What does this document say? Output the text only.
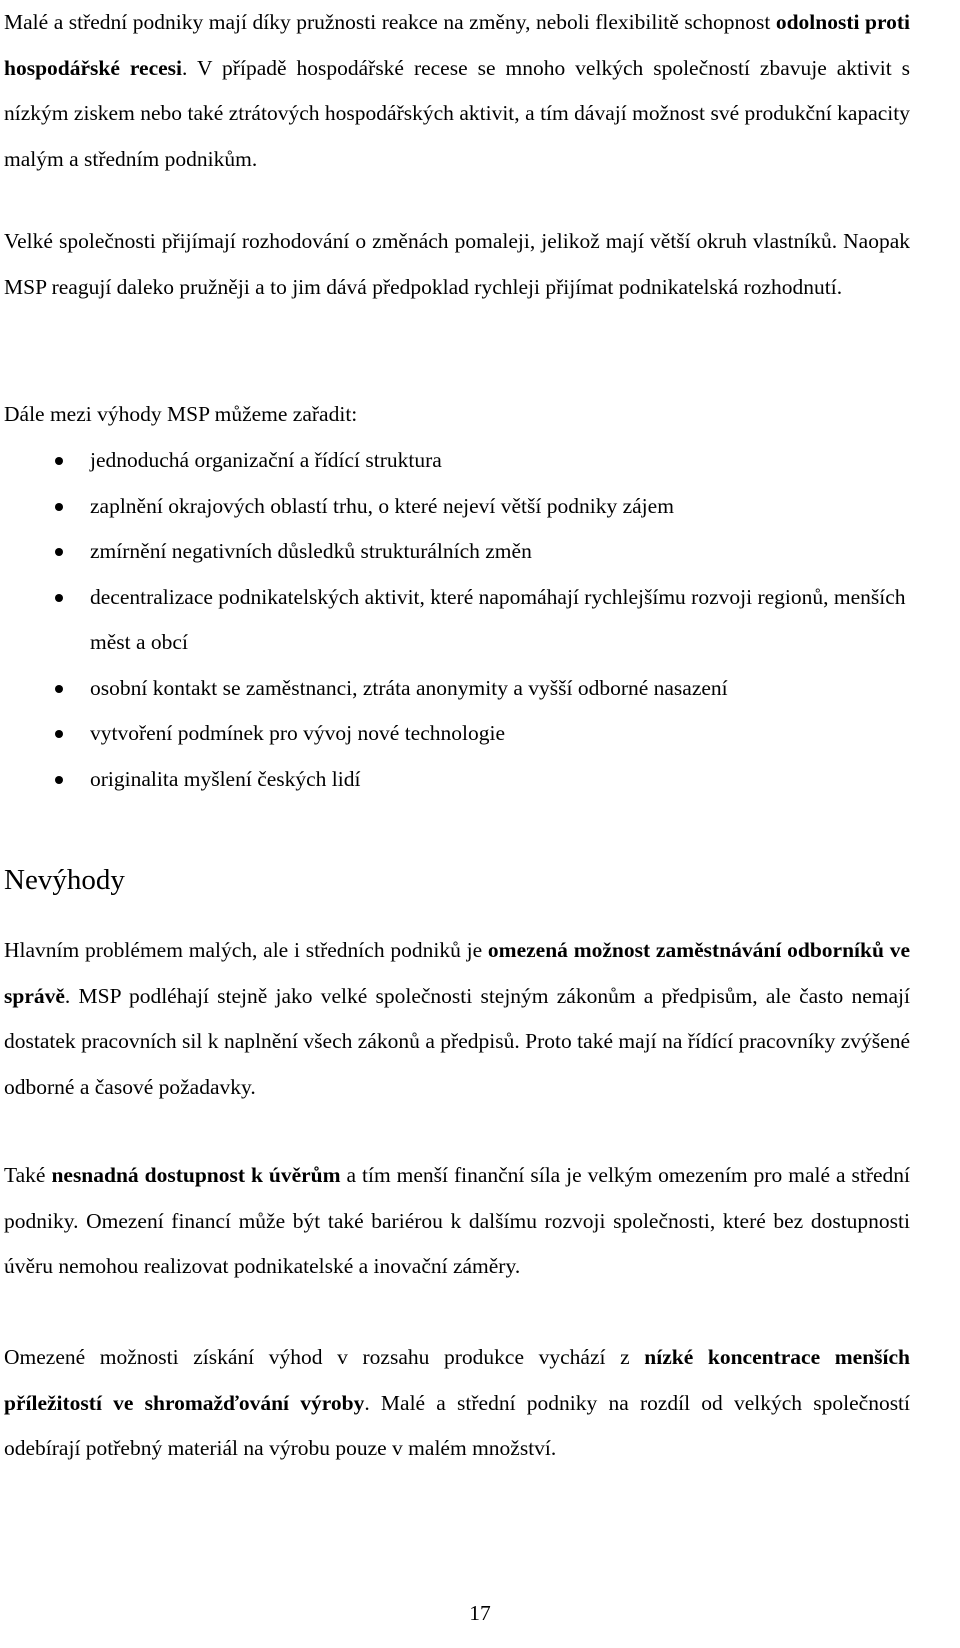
Malé a střední podniky mají díky pružnosti reakce na změny, neboli flexibilitě schopnost odolnosti proti hospodářské recesi. V případě hospodářské recese se mnoho velkých společností zbavuje aktivit s nízkým ziskem nebo také ztrátových hospodářských aktivit, a tím dávají možnost své produkční kapacity malým a středním podnikům.

Velké společnosti přijímají rozhodování o změnách pomaleji, jelikož mají větší okruh vlastníků. Naopak MSP reagují daleko pružněji a to jim dává předpoklad rychleji přijímat podnikatelská rozhodnutí.

Dále mezi výhody MSP můžeme zařadit:

jednoduchá organizační a řídící struktura
zaplnění okrajových oblastí trhu, o které nejeví větší podniky zájem
zmírnění negativních důsledků strukturálních změn
decentralizace podnikatelských aktivit, které napomáhají rychlejšímu rozvoji regionů, menších měst a obcí
osobní kontakt se zaměstnanci, ztráta anonymity a vyšší odborné nasazení
vytvoření podmínek pro vývoj nové technologie
originalita myšlení českých lidí
Nevýhody

Hlavním problémem malých, ale i středních podniků je omezená možnost zaměstnávání odborníků ve správě. MSP podléhají stejně jako velké společnosti stejným zákonům a předpisům, ale často nemají dostatek pracovních sil k naplnění všech zákonů a předpisů. Proto také mají na řídící pracovníky zvýšené odborné a časové požadavky.

Také nesnadná dostupnost k úvěrům a tím menší finanční síla je velkým omezením pro malé a střední podniky. Omezení financí může být také bariérou k dalšímu rozvoji společnosti, které bez dostupnosti úvěru nemohou realizovat podnikatelské a inovační záměry.

Omezené možnosti získání výhod v rozsahu produkce vychází z nízké koncentrace menších příležitostí ve shromažďování výroby. Malé a střední podniky na rozdíl od velkých společností odebírají potřebný materiál na výrobu pouze v malém množství.

17
